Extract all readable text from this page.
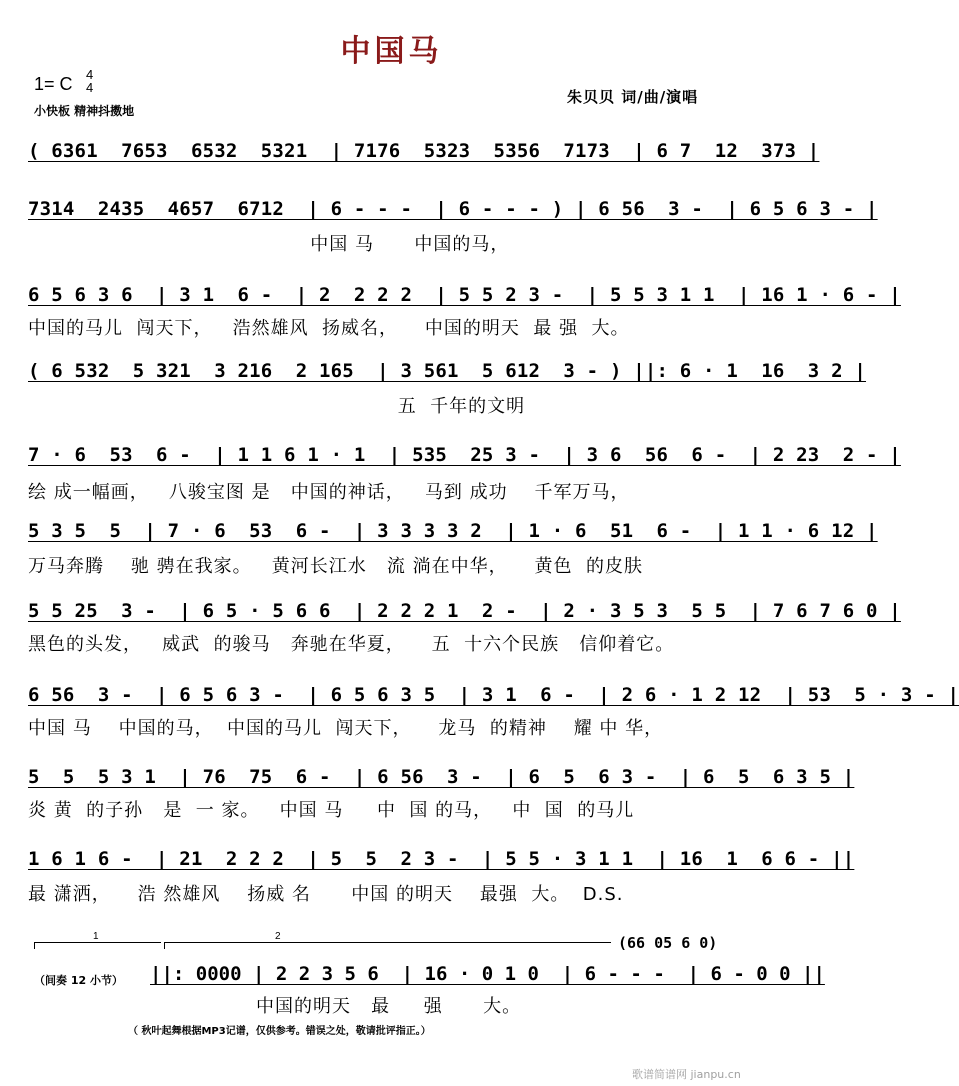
中国马
1= C 4
4
小快板 精神抖擞地
朱贝贝 词/曲/演唱
( 6361  7653  6532  5321  | 7176  5323  5356  7173  | 6 7  12  373 |
7314  2435  4657  6712  | 6 - - -  | 6 - - - ) | 6 56  3 -  | 6 5 6 3 - |
中国 马      中国的马，
6 5 6 3 6  | 3 1  6 -  | 2  2 2 2  | 5 5 2 3 -  | 5 5 3 1 1  | 16 1 · 6 - |
中国的马儿  闯天下，   浩然雄风  扬威名，    中国的明天  最 强  大。
( 6 532  5 321  3 216  2 165  | 3 561  5 612  3 - ) ||: 6 · 1  16  3 2 |
五  千年的文明
7 · 6  53  6 -  | 1 1 6 1 · 1  | 535  25 3 -  | 3 6  56  6 -  | 2 23  2 - |
绘 成一幅画，   八骏宝图 是   中国的神话，   马到 成功    千军万马，
5 3 5  5  | 7 · 6  53  6 -  | 3 3 3 3 2  | 1 · 6  51  6 -  | 1 1 · 6 12 |
万马奔腾    驰 骋在我家。   黄河长江水   流 淌在中华，    黄色  的皮肤
5 5 25  3 -  | 6 5 · 5 6 6  | 2 2 2 1  2 -  | 2 · 3 5 3  5 5  | 7 6 7 6 0 |
黑色的头发，   威武  的骏马   奔驰在华夏，    五  十六个民族   信仰着它。
6 56  3 -  | 6 5 6 3 -  | 6 5 6 3 5  | 3 1  6 -  | 2 6 · 1 2 12  | 53  5 · 3 - |
中国 马    中国的马，  中国的马儿  闯天下，    龙马  的精神    耀 中 华，
5  5  5 3 1  | 76  75  6 -  | 6 56  3 -  | 6  5  6 3 -  | 6  5  6 3 5 |
炎 黄  的子孙   是  一 家。   中国 马     中  国 的马，   中  国  的马儿
1 6 1 6 -  | 21  2 2 2  | 5  5  2 3 -  | 5 5 · 3 1 1  | 16  1  6 6 - ||
最 潇洒，    浩 然雄风    扬威 名      中国 的明天    最强  大。  D.S.
1	2	(66 05 6 0)
（间奏 12 小节） ||: 0000 | 2 2 3 5 6  | 16 · 0 1 0  | 6 - - -  | 6 - 0 0 ||
中国的明天   最     强      大。
（ 秋叶起舞根据MP3记谱，仅供参考。错误之处，敬请批评指正。）
歌谱简谱网 jianpu.cn
